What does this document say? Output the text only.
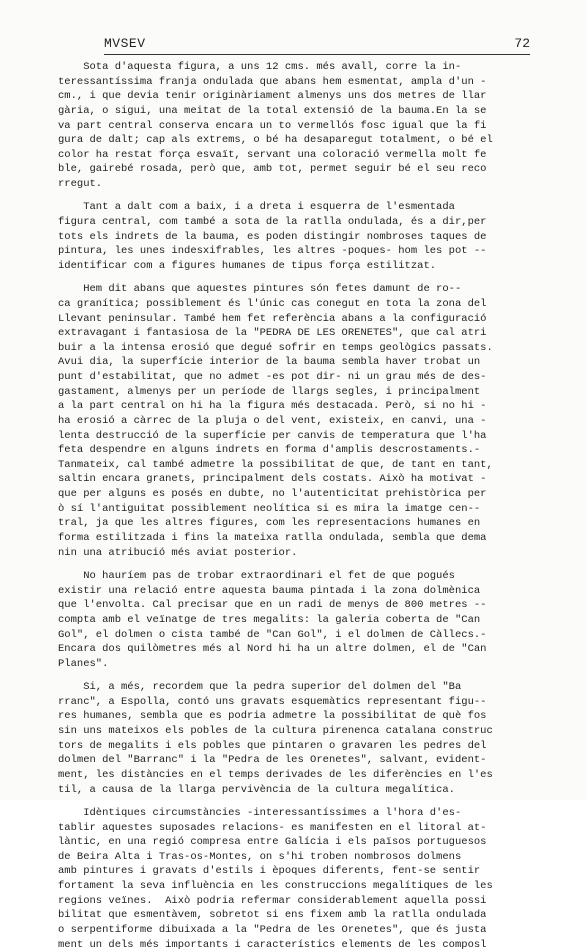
MVSEV	72
Sota d'aquesta figura, a uns 12 cms. més avall, corre la in-
teressantíssima franja ondulada que abans hem esmentat, ampla d'un -
cm., i que devia tenir originàriament almenys uns dos metres de llar
gària, o sigui, una meitat de la total extensió de la bauma.En la se
va part central conserva encara un to vermellós fosc igual que la fi
gura de dalt; cap als extrems, o bé ha desaparegut totalment, o bé el
color ha restat força esvaït, servant una coloració vermella molt fe
ble, gairebé rosada, però que, amb tot, permet seguir bé el seu reco
rregut.
Tant a dalt com a baix, i a dreta i esquerra de l'esmentada
figura central, com també a sota de la ratlla ondulada, és a dir,per
tots els indrets de la bauma, es poden distingir nombroses taques de
pintura, les unes indesxifrables, les altres -poques- hom les pot --
identificar com a figures humanes de tipus força estilitzat.
Hem dit abans que aquestes pintures són fetes damunt de ro--
ca granítica; possiblement és l'únic cas conegut en tota la zona del
Llevant peninsular. També hem fet referència abans a la configuració
extravagant i fantasiosa de la "PEDRA DE LES ORENETES", que cal atri
buir a la intensa erosió que degué sofrir en temps geològics passats.
Avui dia, la superfície interior de la bauma sembla haver trobat un
punt d'estabilitat, que no admet -es pot dir- ni un grau més de des-
gastament, almenys per un període de llargs segles, i principalment
a la part central on hi ha la figura més destacada. Però, si no hi -
ha erosió a càrrec de la pluja o del vent, existeix, en canvi, una -
lenta destrucció de la superfície per canvis de temperatura que l'ha
feta despendre en alguns indrets en forma d'amplis descrostaments.-
Tanmateix, cal també admetre la possibilitat de que, de tant en tant,
saltin encara granets, principalment dels costats. Això ha motivat -
que per alguns es posés en dubte, no l'autenticitat prehistòrica per
ò sí l'antiguitat possiblement neolítica si es mira la imatge cen--
tral, ja que les altres figures, com les representacions humanes en
forma estilitzada i fins la mateixa ratlla ondulada, sembla que dema
nin una atribució més aviat posterior.
No hauríem pas de trobar extraordinari el fet de que pogués
existir una relació entre aquesta bauma pintada i la zona dolmènica
que l'envolta. Cal precisar que en un radi de menys de 800 metres --
compta amb el veïnatge de tres megalits: la galeria coberta de "Can
Gol", el dolmen o cista també de "Can Gol", i el dolmen de Càllecs.-
Encara dos quilòmetres més al Nord hi ha un altre dolmen, el de "Can
Planes".
Si, a més, recordem que la pedra superior del dolmen del "Ba
rranc", a Espolla, contó uns gravats esquemàtics representant figu--
res humanes, sembla que es podria admetre la possibilitat de què fos
sin uns mateixos els pobles de la cultura pirenenca catalana construc
tors de megalits i els pobles que pintaren o gravaren les pedres del
dolmen del "Barranc" i la "Pedra de les Orenetes", salvant, evident-
ment, les distàncies en el temps derivades de les diferències en l'es
til, a causa de la llarga pervivència de la cultura megalítica.
Idèntiques circumstàncies -interessantíssimes a l'hora d'es-
tablir aquestes suposades relacions- es manifesten en el litoral at-
làntic, en una regió compresa entre Galícia i els països portuguesos
de Beira Alta i Tras-os-Montes, on s'hi troben nombrosos dolmens
amb pintures i gravats d'estils i èpoques diferents, fent-se sentir
fortament la seva influència en les construccions megalítiques de les
regions veïnes.  Això podria refermar considerablement aquella possi
bilitat que esmentàvem, sobretot si ens fixem amb la ratlla ondulada
o serpentiforme dibuixada a la "Pedra de les Orenetes", que és justa
ment un dels més importants i característics elements de les composl
